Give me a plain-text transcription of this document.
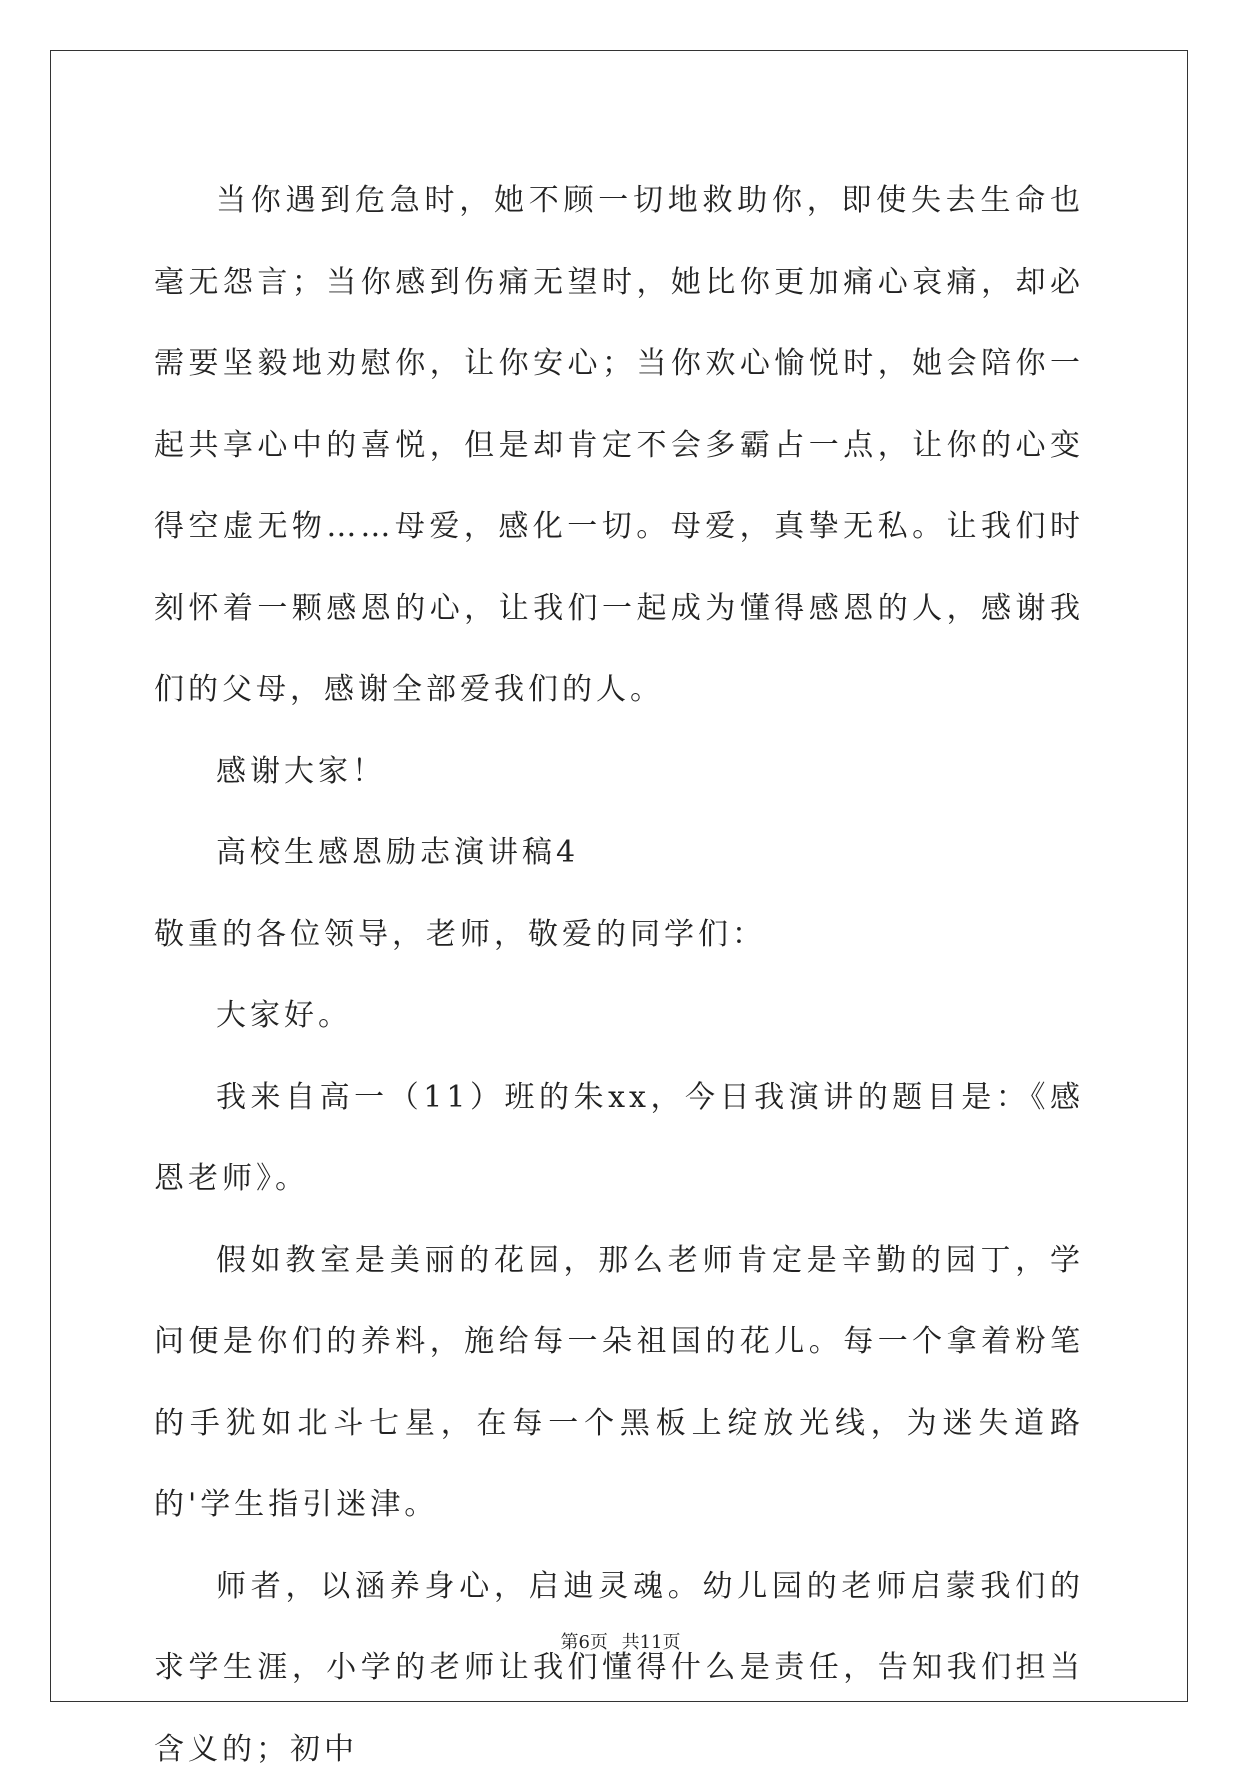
当你遇到危急时，她不顾一切地救助你，即使失去生命也毫无怨言；当你感到伤痛无望时，她比你更加痛心哀痛，却必需要坚毅地劝慰你，让你安心；当你欢心愉悦时，她会陪你一起共享心中的喜悦，但是却肯定不会多霸占一点，让你的心变得空虚无物……母爱，感化一切。母爱，真挚无私。让我们时刻怀着一颗感恩的心，让我们一起成为懂得感恩的人，感谢我们的父母，感谢全部爱我们的人。

感谢大家！

高校生感恩励志演讲稿4

敬重的各位领导，老师，敬爱的同学们：

大家好。

我来自高一（11）班的朱xx，今日我演讲的题目是：《感恩老师》。

假如教室是美丽的花园，那么老师肯定是辛勤的园丁，学问便是你们的养料，施给每一朵祖国的花儿。每一个拿着粉笔的手犹如北斗七星，在每一个黑板上绽放光线，为迷失道路的'学生指引迷津。

师者，以涵养身心，启迪灵魂。幼儿园的老师启蒙我们的求学生涯，小学的老师让我们懂得什么是责任，告知我们担当含义的；初中

第6页 共11页
